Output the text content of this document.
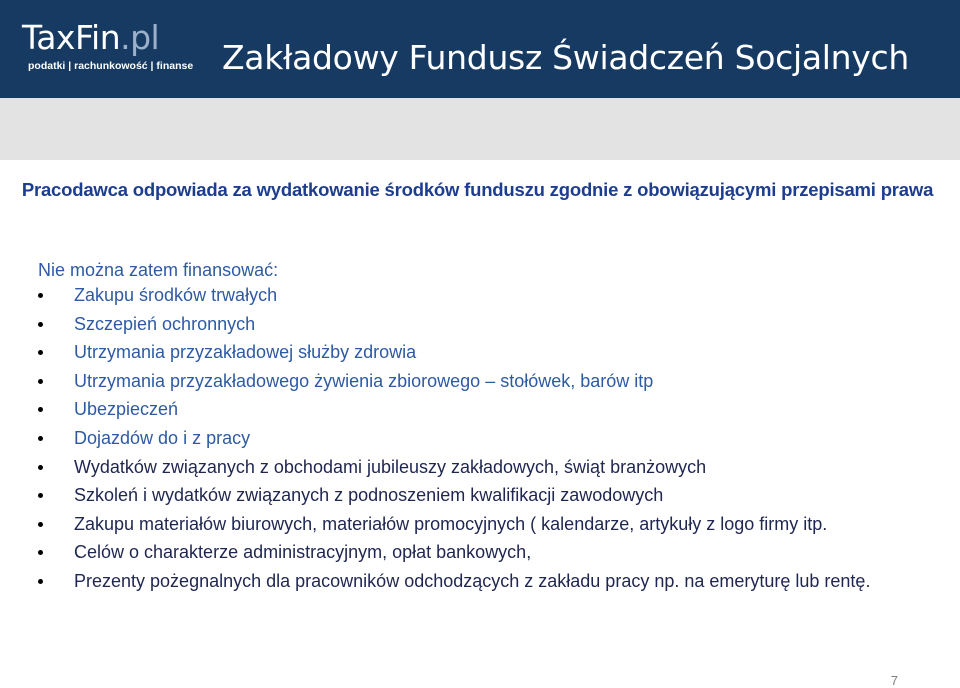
TaxFin.pl
podatki | rachunkowość | finanse Zakładowy Fundusz Świadczeń Socjalnych
Pracodawca odpowiada za wydatkowanie środków funduszu zgodnie z obowiązującymi przepisami prawa
Nie można zatem finansować:
Zakupu środków trwałych
Szczepień ochronnych
Utrzymania przyzakładowej służby zdrowia
Utrzymania przyzakładowego żywienia zbiorowego – stołówek, barów itp
Ubezpieczeń
Dojazdów do i z pracy
Wydatków związanych z obchodami jubileuszy zakładowych, świąt branżowych
Szkoleń i wydatków związanych z podnoszeniem kwalifikacji zawodowych
Zakupu materiałów biurowych, materiałów promocyjnych ( kalendarze, artykuły z logo firmy itp.
Celów o charakterze administracyjnym, opłat bankowych,
Prezenty pożegnalnych dla pracowników odchodzących z zakładu pracy np. na emeryturę lub rentę.
7
